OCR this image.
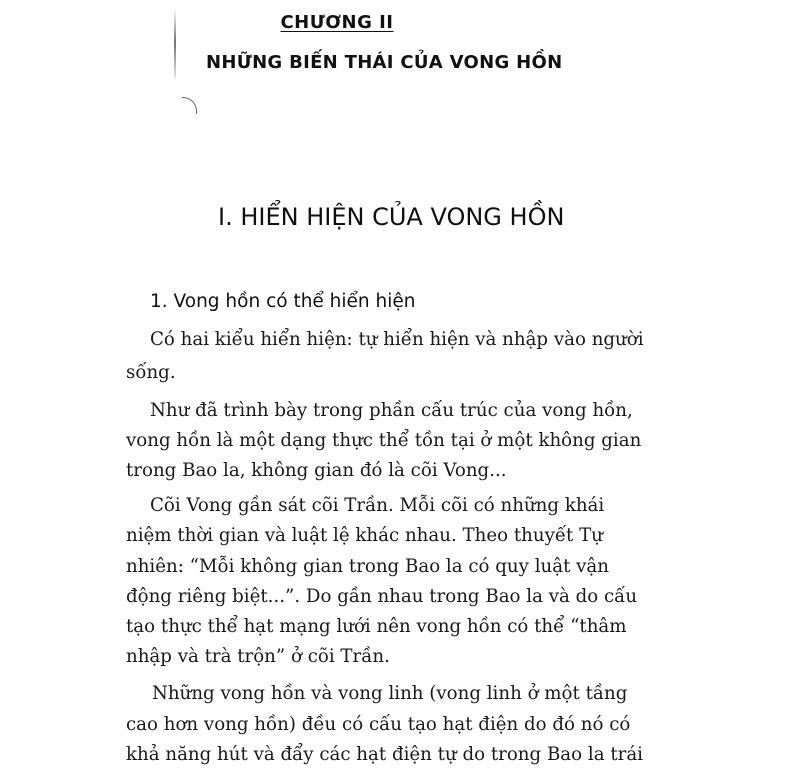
CHƯƠNG II
NHỮNG BIẾN THÁI CỦA VONG HỒN
I. HIỂN HIỆN CỦA VONG HỒN
1. Vong hồn có thể hiển hiện
Có hai kiểu hiển hiện: tự hiển hiện và nhập vào người
sống.
Như đã trình bày trong phần cấu trúc của vong hồn,
vong hồn là một dạng thực thể tồn tại ở một không gian
trong Bao la, không gian đó là cõi Vong...
Cõi Vong gần sát cõi Trần. Mỗi cõi có những khái
niệm thời gian và luật lệ khác nhau. Theo thuyết Tự
nhiên: “Mỗi không gian trong Bao la có quy luật vận
động riêng biệt...”. Do gần nhau trong Bao la và do cấu
tạo thực thể hạt mạng lưới nên vong hồn có thể “thâm
nhập và trà trộn” ở cõi Trần.
Những vong hồn và vong linh (vong linh ở một tầng
cao hơn vong hồn) đều có cấu tạo hạt điện do đó nó có
khả năng hút và đẩy các hạt điện tự do trong Bao la trái
